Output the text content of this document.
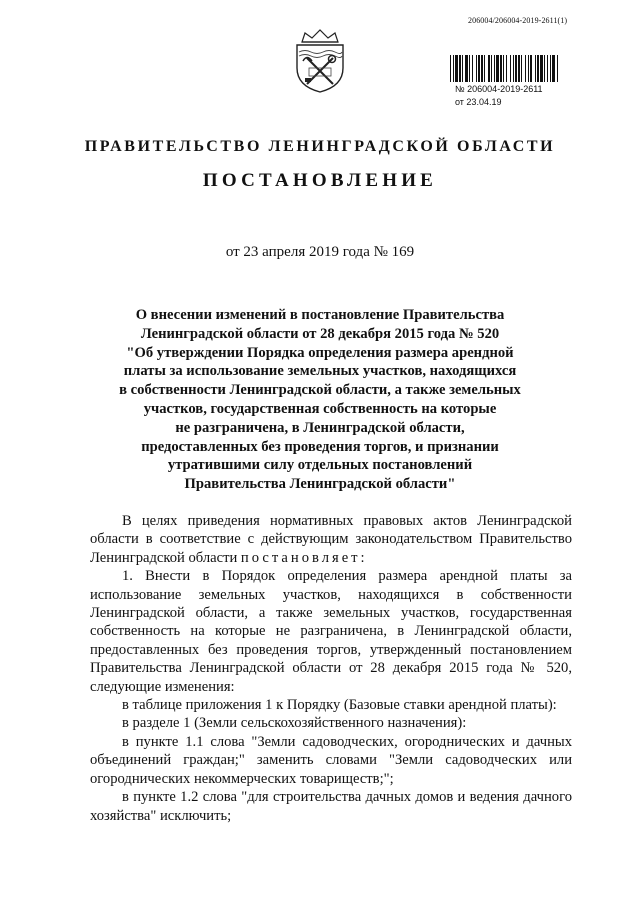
206004/206004-2019-2611(1)
№ 206004-2019-2611
от 23.04.19
ПРАВИТЕЛЬСТВО ЛЕНИНГРАДСКОЙ ОБЛАСТИ
ПОСТАНОВЛЕНИЕ
от 23 апреля 2019 года № 169
О внесении изменений в постановление Правительства
Ленинградской области от 28 декабря 2015 года № 520
"Об утверждении Порядка определения размера арендной
платы за использование земельных участков, находящихся
в собственности Ленинградской области, а также земельных
участков, государственная собственность на которые
не разграничена, в Ленинградской области,
предоставленных без проведения торгов, и признании
утратившими силу отдельных постановлений
Правительства Ленинградской области"

В целях приведения нормативных правовых актов Ленинградской области в соответствие с действующим законодательством Правительство Ленинградской области постановляет:

1. Внести в Порядок определения размера арендной платы за использование земельных участков, находящихся в собственности Ленинградской области, а также земельных участков, государственная собственность на которые не разграничена, в Ленинградской области, предоставленных без проведения торгов, утвержденный постановлением Правительства Ленинградской области от 28 декабря 2015 года № 520, следующие изменения:

в таблице приложения 1 к Порядку (Базовые ставки арендной платы):

в разделе 1 (Земли сельскохозяйственного назначения):

в пункте 1.1 слова "Земли садоводческих, огороднических и дачных объединений граждан;" заменить словами "Земли садоводческих или огороднических некоммерческих товариществ;";

в пункте 1.2 слова "для строительства дачных домов и ведения дачного хозяйства" исключить;
